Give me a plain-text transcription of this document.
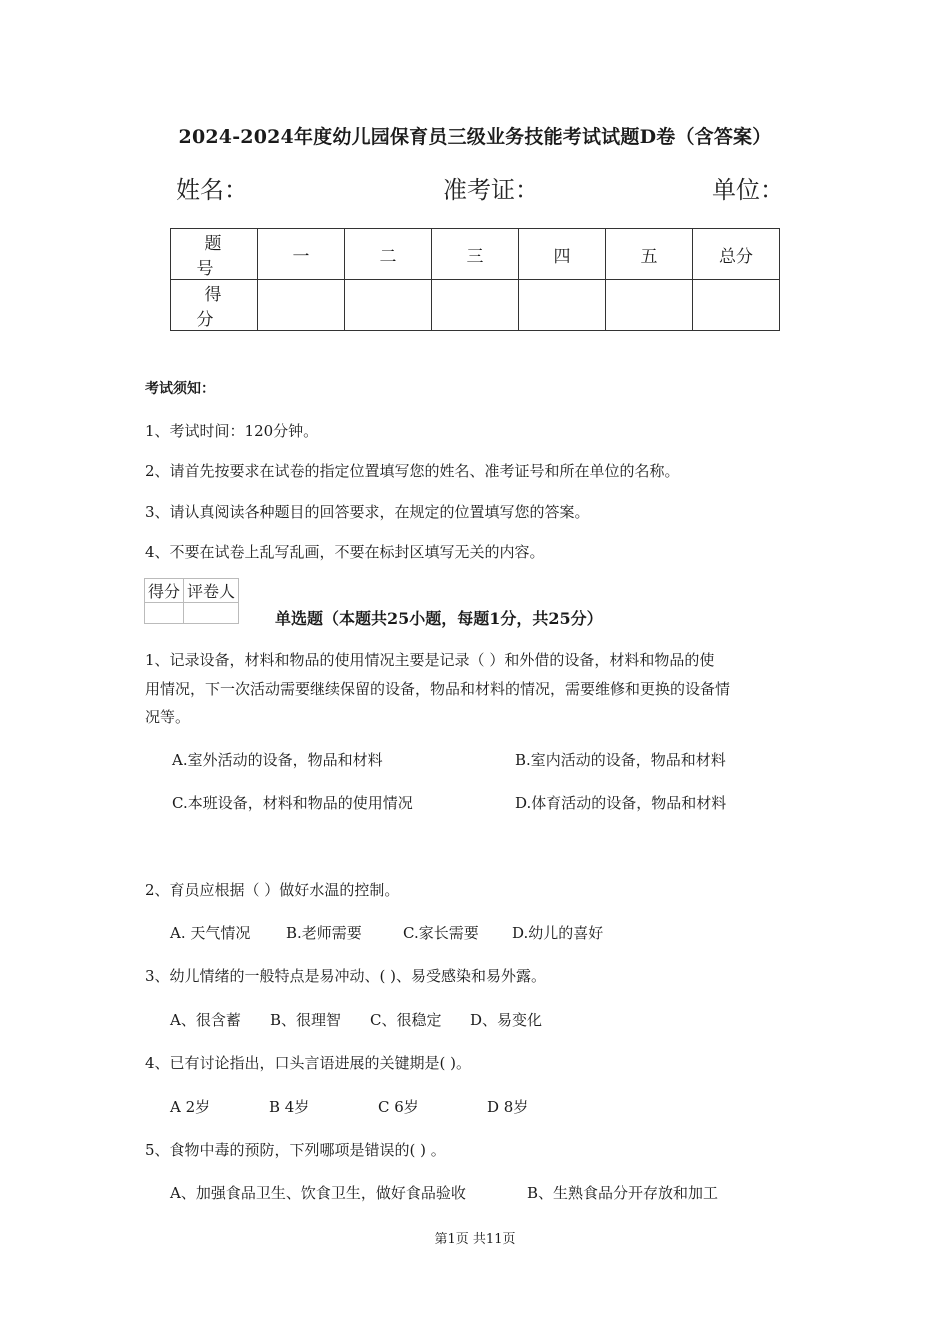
2024-2024年度幼儿园保育员三级业务技能考试试题D卷（含答案）
姓名：	准考证：	单位：
题 号	一	二	三	四	五	总分
得 分						
考试须知：
1、考试时间：120分钟。
2、请首先按要求在试卷的指定位置填写您的姓名、准考证号和所在单位的名称。
3、请认真阅读各种题目的回答要求，在规定的位置填写您的答案。
4、不要在试卷上乱写乱画，不要在标封区填写无关的内容。
得分	评卷人

单选题（本题共25小题，每题1分，共25分）
1、记录设备，材料和物品的使用情况主要是记录（ ）和外借的设备，材料和物品的使
用情况，下一次活动需要继续保留的设备，物品和材料的情况，需要维修和更换的设备情
况等。
A.室外活动的设备，物品和材料	B.室内活动的设备，物品和材料
C.本班设备，材料和物品的使用情况	D.体育活动的设备，物品和材料
2、育员应根据（ ）做好水温的控制。
A. 天气情况 B.老师需要	C.家长需要 D.幼儿的喜好
3、幼儿情绪的一般特点是易冲动、( )、易受感染和易外露。
A、很含蓄 B、很理智 C、很稳定 D、易变化
4、已有讨论指出，口头言语进展的关键期是( )。
A 2岁	B 4岁	C 6岁	D 8岁
5、食物中毒的预防，下列哪项是错误的( ) 。
A、加强食品卫生、饮食卫生，做好食品验收	B、生熟食品分开存放和加工
第1页 共11页
